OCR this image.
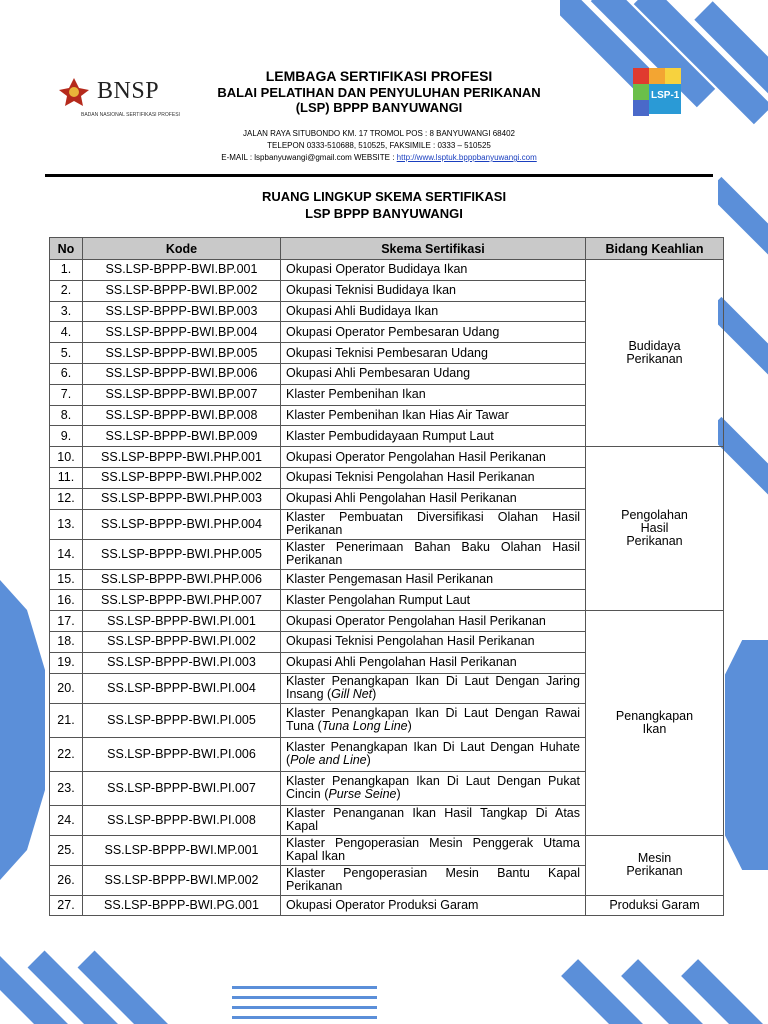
BNSP
BADAN NASIONAL SERTIFIKASI PROFESI
LEMBAGA SERTIFIKASI PROFESI
BALAI PELATIHAN DAN PENYULUHAN PERIKANAN
(LSP) BPPP BANYUWANGI
JALAN RAYA SITUBONDO KM. 17 TROMOL POS : 8 BANYUWANGI 68402
TELEPON 0333-510688, 510525, FAKSIMILE : 0333 – 510525
E-MAIL : lspbanyuwangi@gmail.com WEBSITE : http://www.lsptuk.bpppbanyuwangi.com
LSP-1
RUANG LINGKUP SKEMA SERTIFIKASI
LSP BPPP BANYUWANGI
No	Kode	Skema Sertifikasi	Bidang Keahlian
1.	SS.LSP-BPPP-BWI.BP.001	Okupasi Operator Budidaya Ikan	Budidaya Perikanan
2.	SS.LSP-BPPP-BWI.BP.002	Okupasi Teknisi Budidaya Ikan	
3.	SS.LSP-BPPP-BWI.BP.003	Okupasi Ahli Budidaya Ikan	
4.	SS.LSP-BPPP-BWI.BP.004	Okupasi Operator Pembesaran Udang	
5.	SS.LSP-BPPP-BWI.BP.005	Okupasi Teknisi Pembesaran Udang	
6.	SS.LSP-BPPP-BWI.BP.006	Okupasi Ahli Pembesaran Udang	
7.	SS.LSP-BPPP-BWI.BP.007	Klaster Pembenihan Ikan	
8.	SS.LSP-BPPP-BWI.BP.008	Klaster Pembenihan Ikan Hias Air Tawar	
9.	SS.LSP-BPPP-BWI.BP.009	Klaster Pembudidayaan Rumput Laut	
10.	SS.LSP-BPPP-BWI.PHP.001	Okupasi Operator Pengolahan Hasil Perikanan	Pengolahan Hasil Perikanan
11.	SS.LSP-BPPP-BWI.PHP.002	Okupasi Teknisi Pengolahan Hasil Perikanan	
12.	SS.LSP-BPPP-BWI.PHP.003	Okupasi Ahli Pengolahan Hasil Perikanan	
13.	SS.LSP-BPPP-BWI.PHP.004	Klaster Pembuatan Diversifikasi Olahan Hasil Perikanan	
14.	SS.LSP-BPPP-BWI.PHP.005	Klaster Penerimaan Bahan Baku Olahan Hasil Perikanan	
15.	SS.LSP-BPPP-BWI.PHP.006	Klaster Pengemasan Hasil Perikanan	
16.	SS.LSP-BPPP-BWI.PHP.007	Klaster Pengolahan Rumput Laut	
17.	SS.LSP-BPPP-BWI.PI.001	Okupasi Operator Pengolahan Hasil Perikanan	Penangkapan Ikan
18.	SS.LSP-BPPP-BWI.PI.002	Okupasi Teknisi Pengolahan Hasil Perikanan	
19.	SS.LSP-BPPP-BWI.PI.003	Okupasi Ahli Pengolahan Hasil Perikanan	
20.	SS.LSP-BPPP-BWI.PI.004	Klaster Penangkapan Ikan Di Laut Dengan Jaring Insang (Gill Net)	
21.	SS.LSP-BPPP-BWI.PI.005	Klaster Penangkapan Ikan Di Laut Dengan Rawai Tuna (Tuna Long Line)	
22.	SS.LSP-BPPP-BWI.PI.006	Klaster Penangkapan Ikan Di Laut Dengan Huhate (Pole and Line)	
23.	SS.LSP-BPPP-BWI.PI.007	Klaster Penangkapan Ikan Di Laut Dengan Pukat Cincin (Purse Seine)	
24.	SS.LSP-BPPP-BWI.PI.008	Klaster Penanganan Ikan Hasil Tangkap Di Atas Kapal	
25.	SS.LSP-BPPP-BWI.MP.001	Klaster Pengoperasian Mesin Penggerak Utama Kapal Ikan	Mesin Perikanan
26.	SS.LSP-BPPP-BWI.MP.002	Klaster Pengoperasian Mesin Bantu Kapal Perikanan	
27.	SS.LSP-BPPP-BWI.PG.001	Okupasi Operator Produksi Garam	Produksi Garam
